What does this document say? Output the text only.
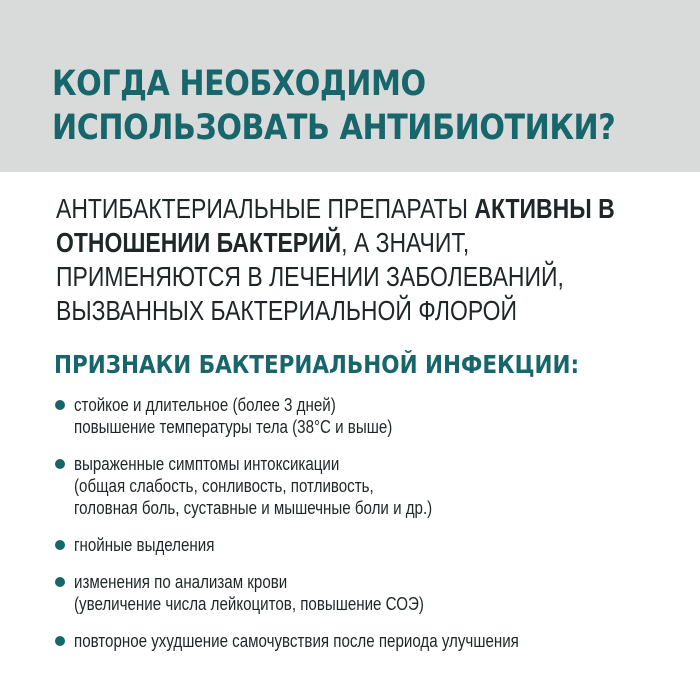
КОГДА НЕОБХОДИМО
ИСПОЛЬЗОВАТЬ АНТИБИОТИКИ?
АНТИБАКТЕРИАЛЬНЫЕ ПРЕПАРАТЫ АКТИВНЫ В
ОТНОШЕНИИ БАКТЕРИЙ, А ЗНАЧИТ,
ПРИМЕНЯЮТСЯ В ЛЕЧЕНИИ ЗАБОЛЕВАНИЙ,
ВЫЗВАННЫХ БАКТЕРИАЛЬНОЙ ФЛОРОЙ
ПРИЗНАКИ БАКТЕРИАЛЬНОЙ ИНФЕКЦИИ:
стойкое и длительное (более 3 дней)
повышение температуры тела (38°С и выше)
выраженные симптомы интоксикации
(общая слабость, сонливость, потливость,
головная боль, суставные и мышечные боли и др.)
гнойные выделения
изменения по анализам крови
(увеличение числа лейкоцитов, повышение СОЭ)
повторное ухудшение самочувствия после периода улучшения
